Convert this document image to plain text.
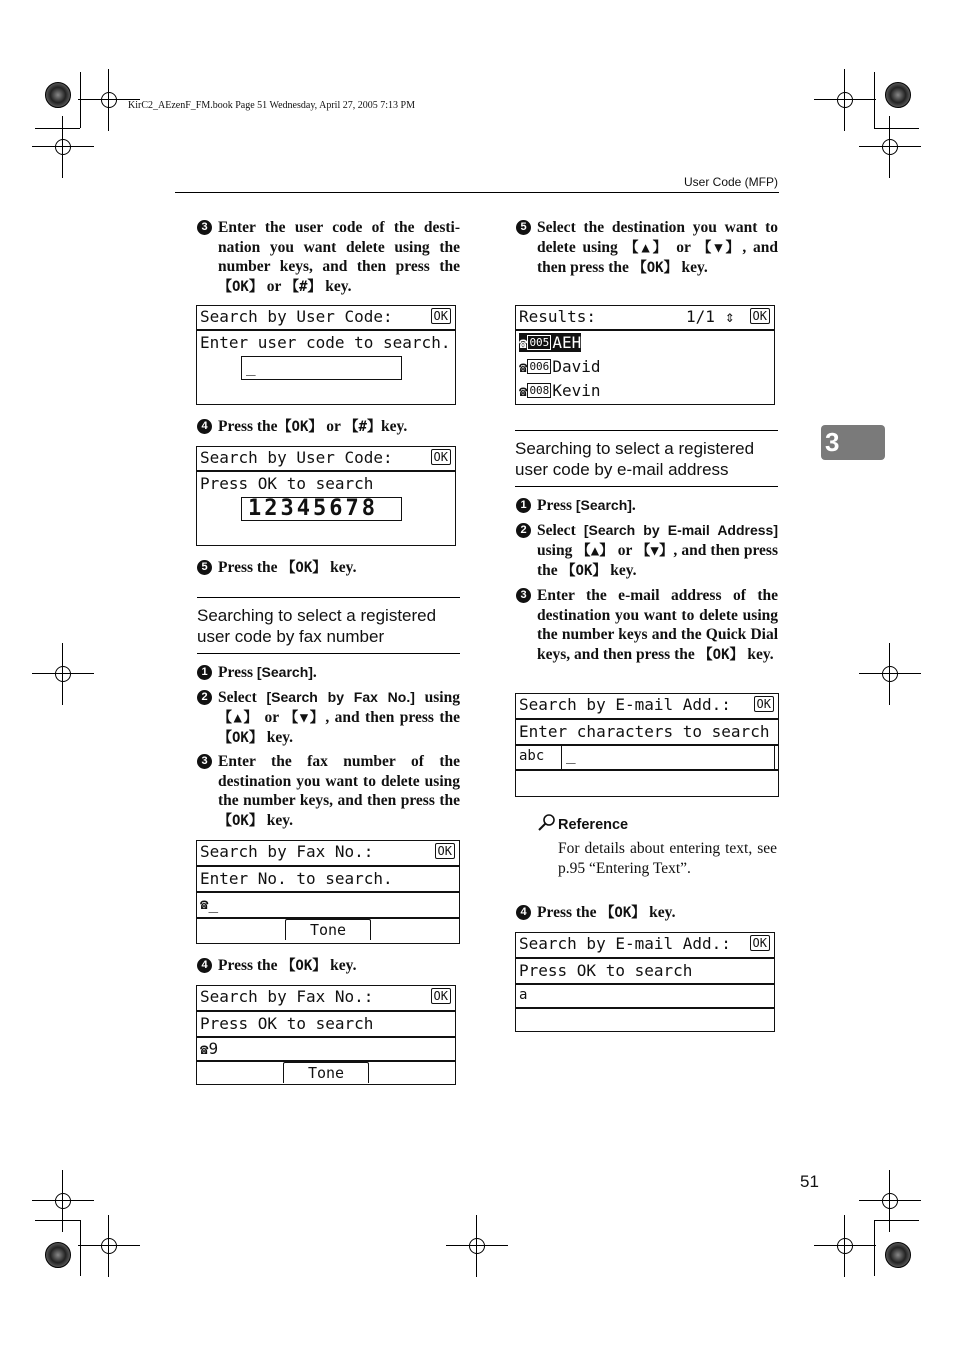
KirC2_AEzenF_FM.book Page 51 Wednesday, April 27, 2005 7:13 PM
User Code (MFP)
3
3 Enter the user code of the desti-nation you want delete using the number keys, and then press the 【OK】 or 【#】 key.
Search by User Code:	OK
Enter user code to search.
_
4 Press the【OK】 or 【#】key.
Search by User Code:	OK
Press OK to search
12345678
5 Press the 【OK】 key.
Searching to select a registered user code by fax number
1 Press [Search].
2 Select [Search by Fax No.] using 【▲】 or 【▼】, and then press the 【OK】 key.
3 Enter the fax number of the destination you want to delete using the number keys, and then press the 【OK】 key.
Search by Fax No.:	OK
Enter No. to search.
☎_
Tone
4 Press the 【OK】 key.
Search by Fax No.:	OK
Press OK to search
☎9
Tone
5 Select the destination you want to delete using 【▲】 or 【▼】, and then press the 【OK】 key.
Results:	1/1 ⇕ OK
☎ 005 AEH
☎ 006 David
☎ 008 Kevin
Searching to select a registered user code by e-mail address
1 Press [Search].
2 Select [Search by E-mail Address] using 【▲】 or 【▼】, and then press the 【OK】 key.
3 Enter the e-mail address of the destination you want to delete using the number keys and the Quick Dial keys, and then press the 【OK】 key.
Search by E-mail Add.:	OK
Enter characters to search
abc	_
Reference
For details about entering text, see p.95 “Entering Text”.
4 Press the 【OK】 key.
Search by E-mail Add.:	OK
Press OK to search
a
51
